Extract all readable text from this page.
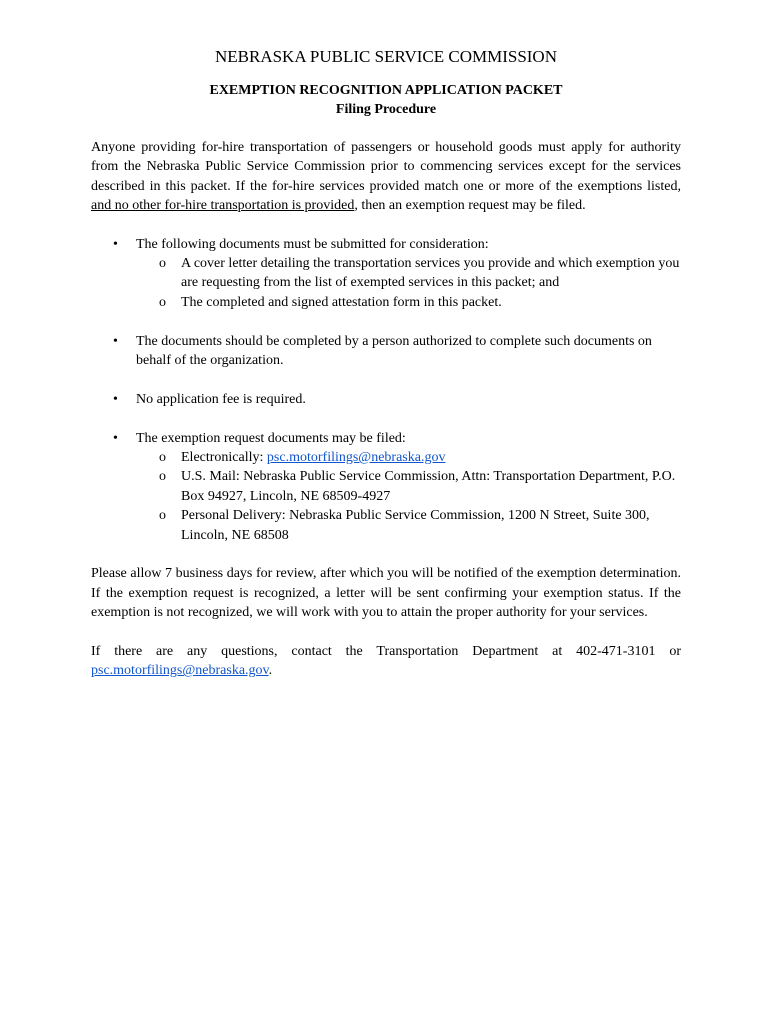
NEBRASKA PUBLIC SERVICE COMMISSION
EXEMPTION RECOGNITION APPLICATION PACKET
Filing Procedure

Anyone providing for-hire transportation of passengers or household goods must apply for authority from the Nebraska Public Service Commission prior to commencing services except for the services described in this packet. If the for-hire services provided match one or more of the exemptions listed, and no other for-hire transportation is provided, then an exemption request may be filed.

• The following documents must be submitted for consideration:
o A cover letter detailing the transportation services you provide and which exemption you are requesting from the list of exempted services in this packet; and
o The completed and signed attestation form in this packet.
• The documents should be completed by a person authorized to complete such documents on behalf of the organization.
• No application fee is required.
• The exemption request documents may be filed:
o Electronically: psc.motorfilings@nebraska.gov
o U.S. Mail: Nebraska Public Service Commission, Attn: Transportation Department, P.O. Box 94927, Lincoln, NE 68509-4927
o Personal Delivery: Nebraska Public Service Commission, 1200 N Street, Suite 300, Lincoln, NE 68508

Please allow 7 business days for review, after which you will be notified of the exemption determination. If the exemption request is recognized, a letter will be sent confirming your exemption status. If the exemption is not recognized, we will work with you to attain the proper authority for your services.

If there are any questions, contact the Transportation Department at 402-471-3101 or psc.motorfilings@nebraska.gov.
